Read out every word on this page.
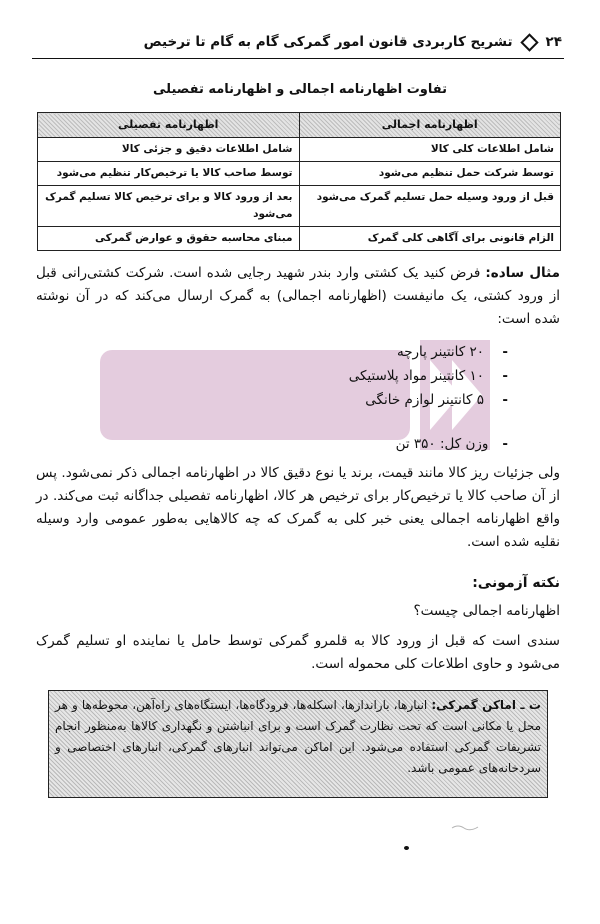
۲۴
تشریح کاربردی قانون امور گمرکی گام به گام تا ترخیص
تفاوت اظهارنامه اجمالی و اظهارنامه تفصیلی
اظهارنامه اجمالی	اظهارنامه تفصیلی
شامل اطلاعات کلی کالا	شامل اطلاعات دقیق و جزئی کالا
توسط شرکت حمل تنظیم می‌شود	توسط صاحب کالا یا ترخیص‌کار تنظیم می‌شود
قبل از ورود وسیله حمل تسلیم گمرک می‌شود	بعد از ورود کالا و برای ترخیص کالا تسلیم گمرک می‌شود
الزام قانونی برای آگاهی کلی گمرک	مبنای محاسبه حقوق و عوارض گمرکی
مثال ساده: فرض کنید یک کشتی وارد بندر شهید رجایی شده است. شرکت کشتی‌رانی قبل از ورود کشتی، یک مانیفست (اظهارنامه اجمالی) به گمرک ارسال می‌کند که در آن نوشته شده است:
-
۲۰ کانتینر پارچه
-
۱۰ کانتینر مواد پلاستیکی
-
۵ کانتینر لوازم خانگی
-
وزن کل: ۳۵۰ تن
ولی جزئیات ریز کالا مانند قیمت، برند یا نوع دقیق کالا در اظهارنامه اجمالی ذکر نمی‌شود. پس از آن صاحب کالا یا ترخیص‌کار برای ترخیص هر کالا، اظهارنامه تفصیلی جداگانه ثبت می‌کند. در واقع اظهارنامه اجمالی یعنی خبر کلی به گمرک که چه کالاهایی به‌طور عمومی وارد وسیله نقلیه شده است.
نکته آزمونی:
اظهارنامه اجمالی چیست؟
سندی است که قبل از ورود کالا به قلمرو گمرکی توسط حامل یا نماینده او تسلیم گمرک می‌شود و حاوی اطلاعات کلی محموله است.
ت ـ اماکن گمرکی: انبارها، بارانداز‌ها، اسکله‌ها، فرودگاه‌ها، ایستگاه‌های راه‌آهن، محوطه‌ها و هر محل یا مکانی است که تحت نظارت گمرک است و برای انباشتن و نگهداری کالاها به‌منظور انجام تشریفات گمرکی استفاده می‌شود. این اماکن می‌تواند انبارهای گمرکی، انبارهای اختصاصی و سردخانه‌های عمومی باشد.
